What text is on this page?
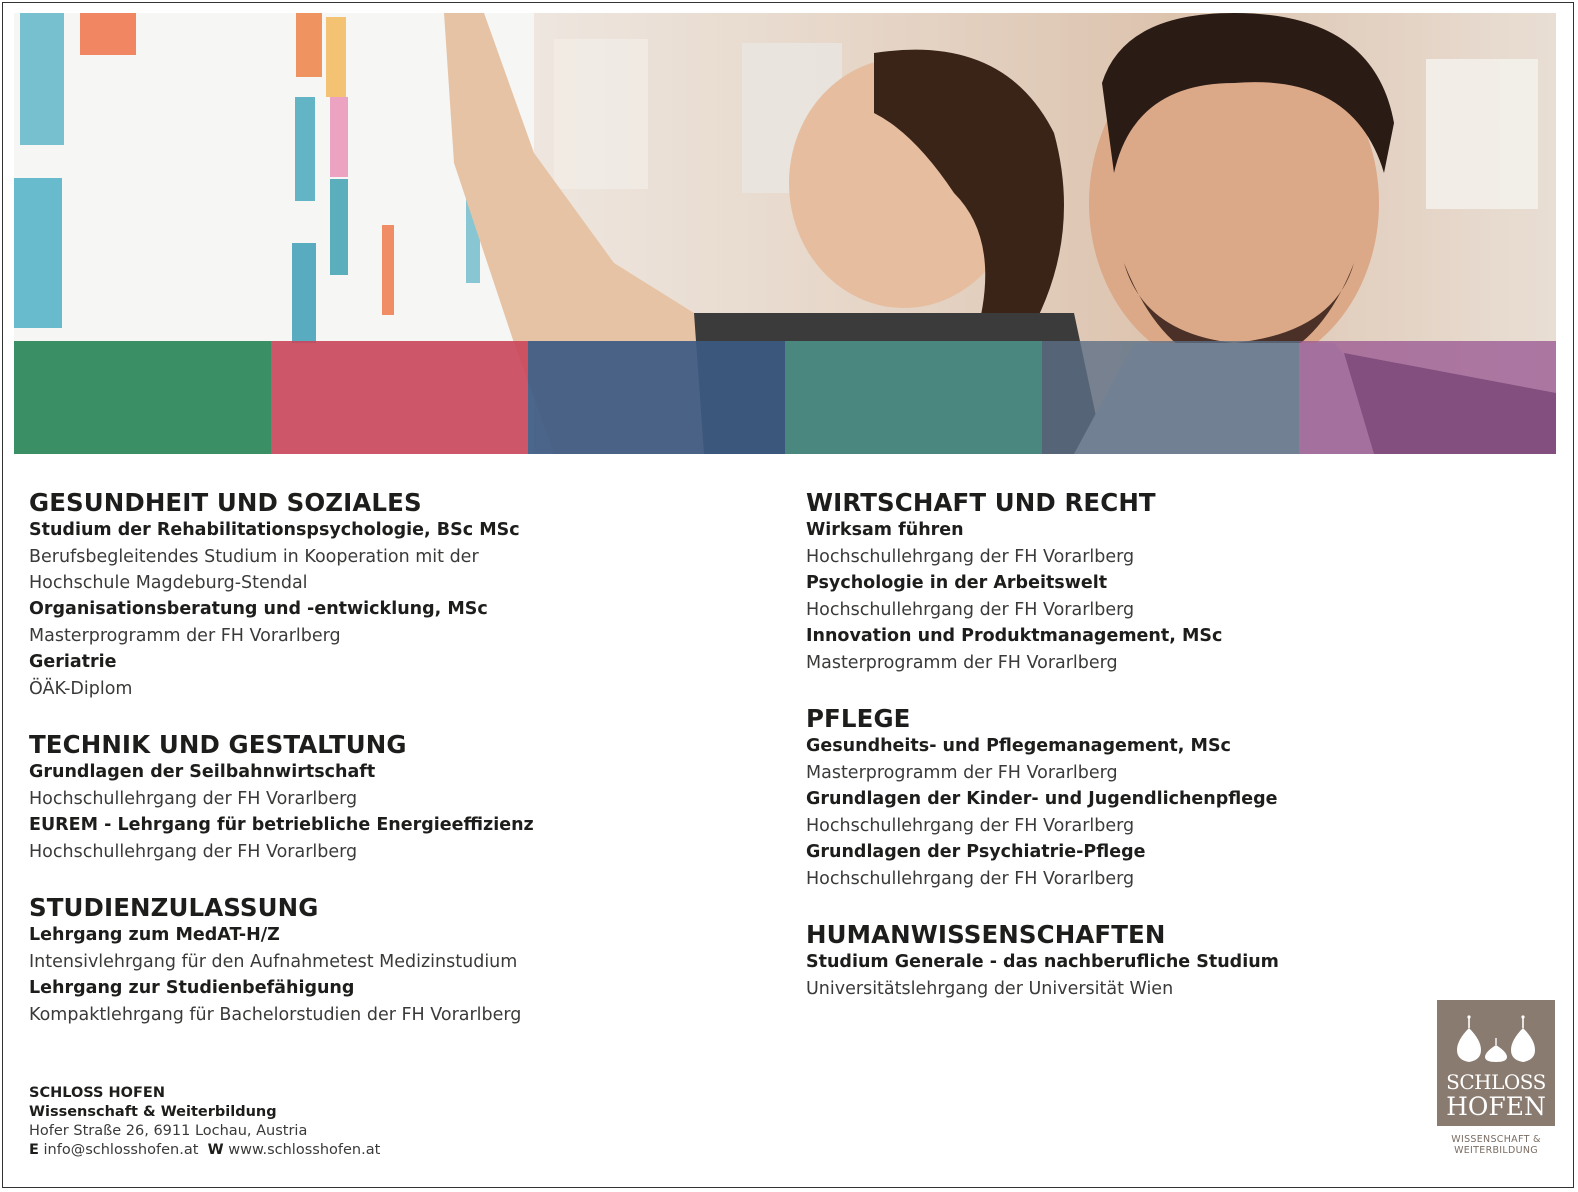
GESUNDHEIT UND SOZIALES
Studium der Rehabilitationspsychologie, BSc MSc
Berufsbegleitendes Studium in Kooperation mit der
Hochschule Magdeburg-Stendal
Organisationsberatung und -entwicklung, MSc
Masterprogramm der FH Vorarlberg
Geriatrie
ÖÄK-Diplom
TECHNIK UND GESTALTUNG
Grundlagen der Seilbahnwirtschaft
Hochschullehrgang der FH Vorarlberg
EUREM - Lehrgang für betriebliche Energieeffizienz
Hochschullehrgang der FH Vorarlberg
STUDIENZULASSUNG
Lehrgang zum MedAT-H/Z
Intensivlehrgang für den Aufnahmetest Medizinstudium
Lehrgang zur Studienbefähigung
Kompaktlehrgang für Bachelorstudien der FH Vorarlberg
WIRTSCHAFT UND RECHT
Wirksam führen
Hochschullehrgang der FH Vorarlberg
Psychologie in der Arbeitswelt
Hochschullehrgang der FH Vorarlberg
Innovation und Produktmanagement, MSc
Masterprogramm der FH Vorarlberg
PFLEGE
Gesundheits- und Pflegemanagement, MSc
Masterprogramm der FH Vorarlberg
Grundlagen der Kinder- und Jugendlichenpflege
Hochschullehrgang der FH Vorarlberg
Grundlagen der Psychiatrie-Pflege
Hochschullehrgang der FH Vorarlberg
HUMANWISSENSCHAFTEN
Studium Generale - das nachberufliche Studium
Universitätslehrgang der Universität Wien
SCHLOSS HOFEN
Wissenschaft & Weiterbildung
Hofer Straße 26, 6911 Lochau, Austria
E info@schlosshofen.at W www.schlosshofen.at
SCHLOSS
HOFEN
WISSENSCHAFT &
WEITERBILDUNG
